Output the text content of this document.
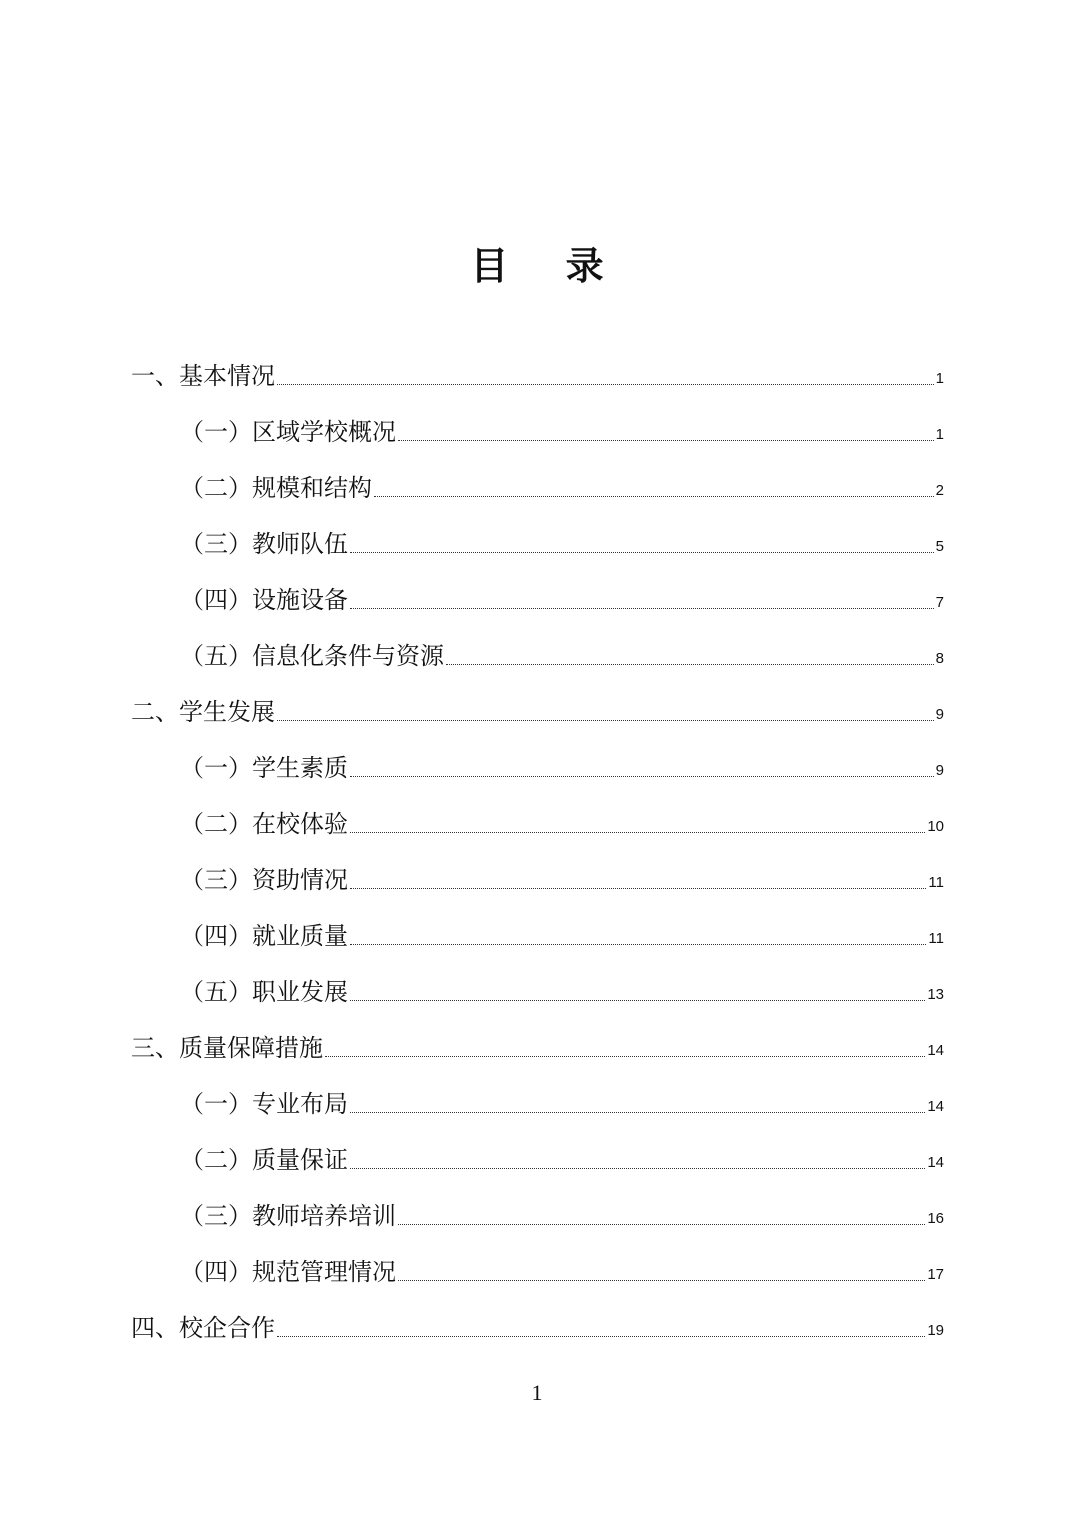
目 录
一、基本情况	1
（一）区域学校概况	1
（二）规模和结构	2
（三）教师队伍	5
（四）设施设备	7
（五）信息化条件与资源	8
二、学生发展	9
（一）学生素质	9
（二）在校体验	10
（三）资助情况	11
（四）就业质量	11
（五）职业发展	13
三、质量保障措施	14
（一）专业布局	14
（二）质量保证	14
（三）教师培养培训	16
（四）规范管理情况	17
四、校企合作	19
1
